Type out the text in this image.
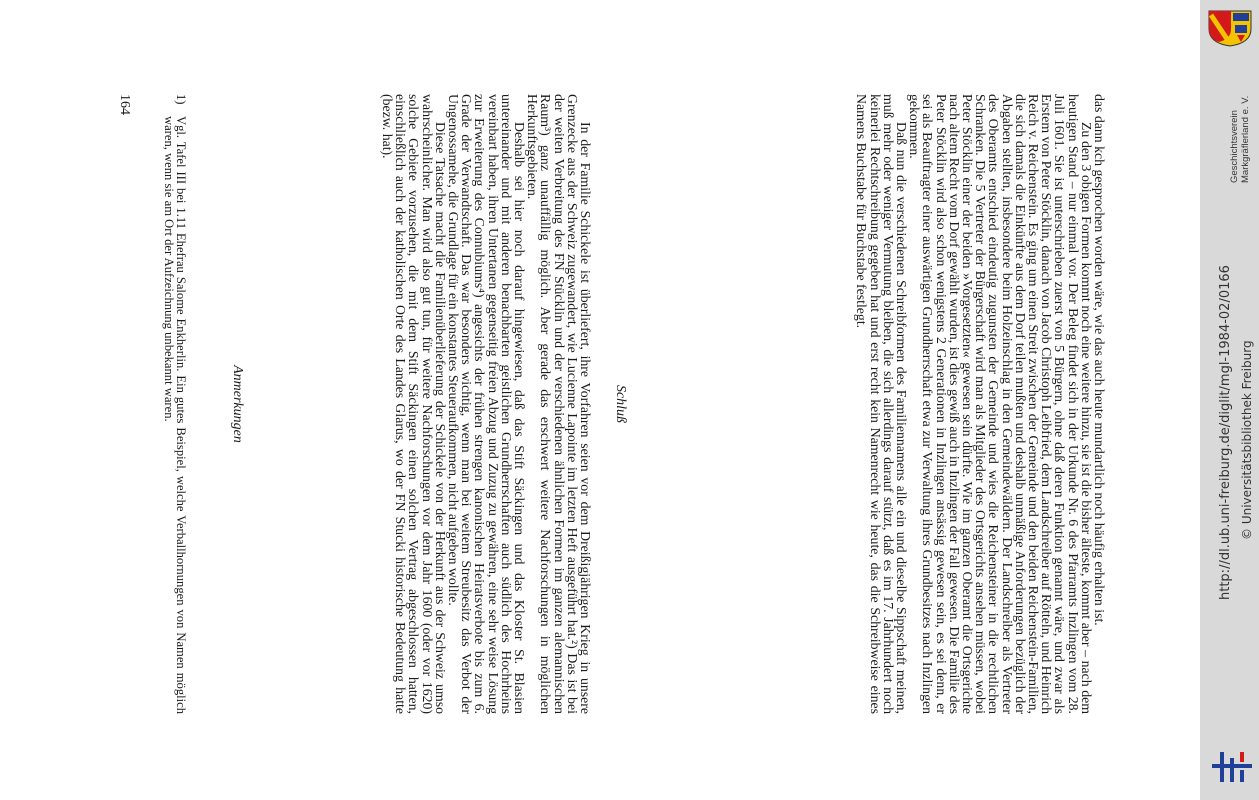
das dann kch gesprochen worden wäre, wie das auch heute mundartlich noch häufig erhalten ist.

Zu den 3 obigen Formen kommt noch eine weitere hinzu, sie ist die bisher älteste, kommt aber – nach dem heutigen Stand – nur einmal vor. Der Beleg findet sich in der Urkunde Nr. 6 des Pfarramts Inzlingen vom 28. Juli 1601. Sie ist unterschrieben zuerst von 5 Bürgern, ohne daß deren Funktion genannt wäre, und zwar als Erstem von Peter Stöcklin, danach von Jacob Christoph Leibfried, dem Landschreiber auf Rötteln, und Heinrich Reich v. Reichenstein. Es ging um einen Streit zwischen der Gemeinde und den beiden Reichenstein-Familien, die sich damals die Einkünfte aus dem Dorf teilen mußten und deshalb unmäßige Anforderungen bezüglich der Abgaben stellten, insbesondere beim Holzeinschlag in den Gemeindewäldern. Der Landschreiber als Vertreter des Oberamts entschied eindeutig zugunsten der Gemeinde und wies die Reichensteiner in die rechtlichen Schranken. Die 5 Vertreter der Bürgerschaft wird man als Mitglieder des Ortsgerichts ansehen müssen, wobei Peter Stöcklin einer der beiden »Vorgesetzten« gewesen sein dürfte. Wie im ganzen Oberamt die Ortsgerichte nach altem Recht vom Dorf gewählt wurden, ist dies gewiß auch in Inzlingen der Fall gewesen. Die Familie des Peter Stöcklin wird also schon wenigstens 2 Generationen in Inzlingen ansässig gewesen sein, es sei denn, er sei als Beauftragter einer auswärtigen Grundherrschaft etwa zur Verwaltung ihres Grundbesitzes nach Inzlingen gekommen.

Daß nun die verschiedenen Schreibformen des Familiennamens alle ein und dieselbe Sippschaft meinen, muß mehr oder weniger Vermutung bleiben, die sich allerdings darauf stützt, daß es im 17. Jahrhundert noch keinerlei Rechtschreibung gegeben hat und erst recht kein Namenrecht wie heute, das die Schreibweise eines Namens Buchstabe für Buchstabe festlegt.

Schluß

In der Familie Schickele ist überliefert, ihre Vorfahren seien vor dem Dreißigjährigen Krieg in unsere Grenzecke aus der Schweiz zugewandert, wie Lucienne Lapointe im letzten Heft ausgeführt hat.²) Das ist bei der weiten Verbreitung des FN Stücklin und der verschiedenen ähnlichen Formen im ganzen alemannischen Raum³) ganz unauffällig möglich. Aber gerade das erschwert weitere Nachforschungen in möglichen Herkunftsgebieten.

Deshalb sei hier noch darauf hingewiesen, daß das Stift Säckingen und das Kloster St. Blasien untereinander und mit anderen benachbarten geistlichen Grundherrschaften auch südlich des Hochrheins vereinbart haben, ihren Untertanen gegenseitig freien Abzug und Zuzug zu gewähren, eine sehr weise Lösung zur Erweiterung des Connubiums⁴) angesichts der frühen strengen kanonischen Heiratsverbote bis zum 6. Grade der Verwandtschaft. Das war besonders wichtig, wenn man bei weitem Streubesitz das Verbot der Ungenossamehe, die Grundlage für ein konstantes Steueraufkommen, nicht aufgeben wollte.

Diese Tatsache macht die Familienüberlieferung der Schickele von der Herkunft aus der Schweiz umso wahrscheinlicher. Man wird also gut tun, für weitere Nachforschungen vor dem Jahr 1600 (oder vor 1620) solche Gebiete vorzusehen, die mit dem Stift Säckingen einen solchen Vertrag abgeschlossen hatten, einschließlich auch der katholischen Orte des Landes Glarus, wo der FN Stucki historische Bedeutung hatte (bezw. hat).

Anmerkungen
1)
Vgl. Tafel III bei 1.11 Ehefrau Salome Enkherlin. Ein gutes Beispiel, welche Verballhornungen von Namen möglich waren, wenn sie am Ort der Aufzeichnung unbekannt waren.
164
Geschichtsverein Markgräflerland e. V.
http://dl.ub.uni-freiburg.de/diglit/mgl-1984-02/0166 © Universitätsbibliothek Freiburg
